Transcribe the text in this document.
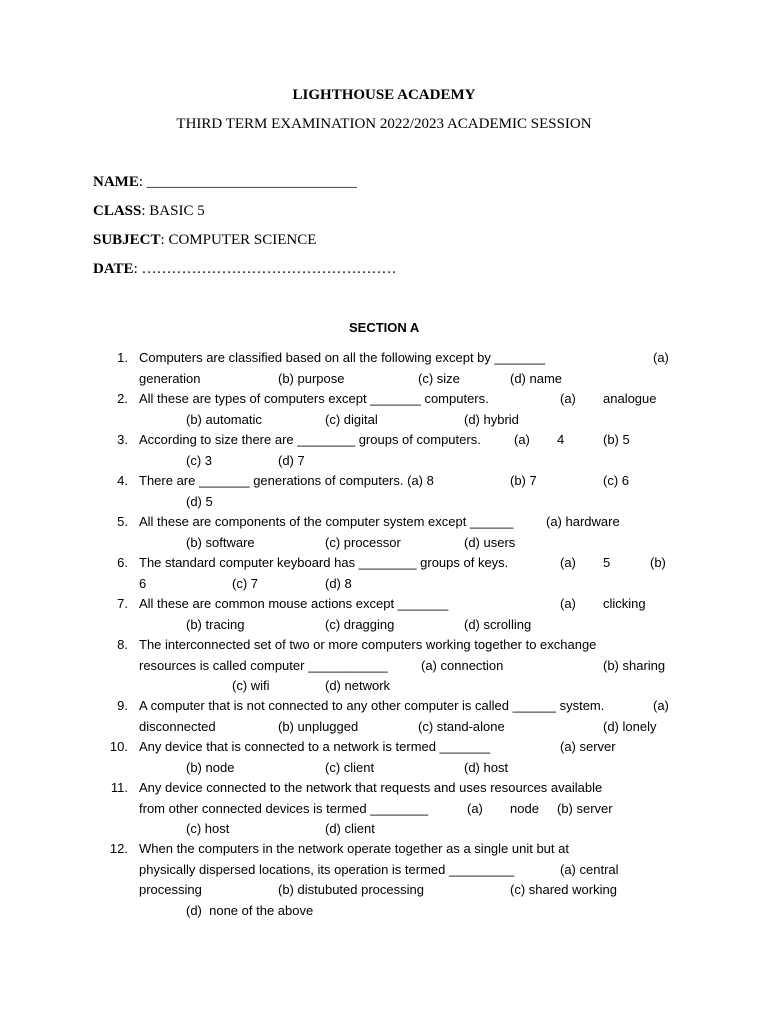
LIGHTHOUSE ACADEMY
THIRD TERM EXAMINATION 2022/2023 ACADEMIC SESSION
NAME: ____________________________
CLASS: BASIC 5
SUBJECT: COMPUTER SCIENCE
DATE: ……………………………………………
SECTION A
1. Computers are classified based on all the following except by _______	(a)
generation	(b) purpose	(c) size	(d) name
2. All these are types of computers except _______ computers.	(a) analogue
(b) automatic	(c) digital	(d) hybrid
3. According to size there are ________ groups of computers.	(a) 4	(b) 5
(c) 3	(d) 7
4. There are _______ generations of computers. (a) 8	(b) 7	(c) 6
(d) 5
5. All these are components of the computer system except ______	(a) hardware
(b) software	(c) processor	(d) users
6. The standard computer keyboard has ________ groups of keys.	(a) 5	(b)
6	(c) 7	(d) 8
7. All these are common mouse actions except _______	(a) clicking
(b) tracing	(c) dragging	(d) scrolling
8. The interconnected set of two or more computers working together to exchange
resources is called computer ___________	(a) connection	(b) sharing
(c) wifi	(d) network
9. A computer that is not connected to any other computer is called ______ system.	(a)
disconnected	(b) unplugged	(c) stand-alone	(d) lonely
10. Any device that is connected to a network is termed _______	(a) server
(b) node	(c) client	(d) host
11. Any device connected to the network that requests and uses resources available
from other connected devices is termed ________	(a) node (b) server
(c) host	(d) client
12. When the computers in the network operate together as a single unit but at
physically dispersed locations, its operation is termed _________	(a) central
processing	(b) distubuted processing	(c) shared working
(d)  none of the above
